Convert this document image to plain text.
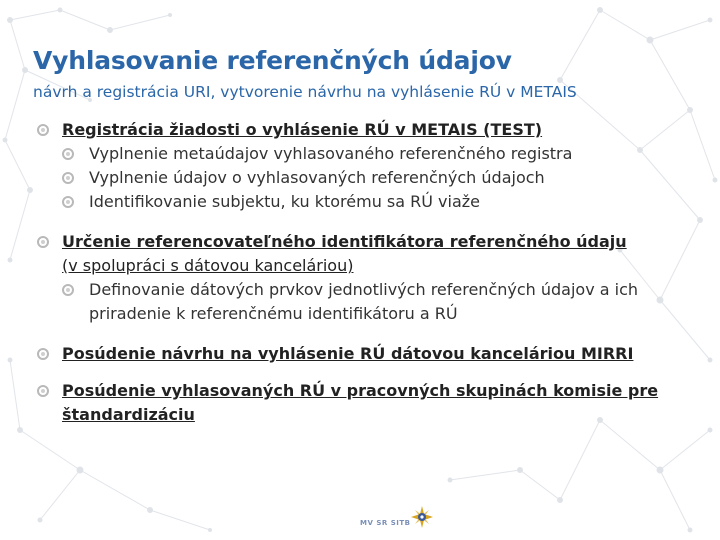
Vyhlasovanie referenčných údajov

návrh a registrácia URI, vytvorenie návrhu na vyhlásenie RÚ v METAIS

Registrácia žiadosti o vyhlásenie RÚ v METAIS (TEST)
Vyplnenie metaúdajov vyhlasovaného referenčného registra
Vyplnenie údajov o vyhlasovaných referenčných údajoch
Identifikovanie subjektu, ku ktorému sa RÚ viaže
Určenie referencovateľného identifikátora referenčného údaju
(v spolupráci s dátovou kanceláriou)
Definovanie dátových prvkov jednotlivých referenčných údajov a ich priradenie k referenčnému identifikátoru a RÚ
Posúdenie návrhu na vyhlásenie RÚ dátovou kanceláriou MIRRI
Posúdenie vyhlasovaných RÚ v pracovných skupinách komisie pre štandardizáciu
MV SR SITB
